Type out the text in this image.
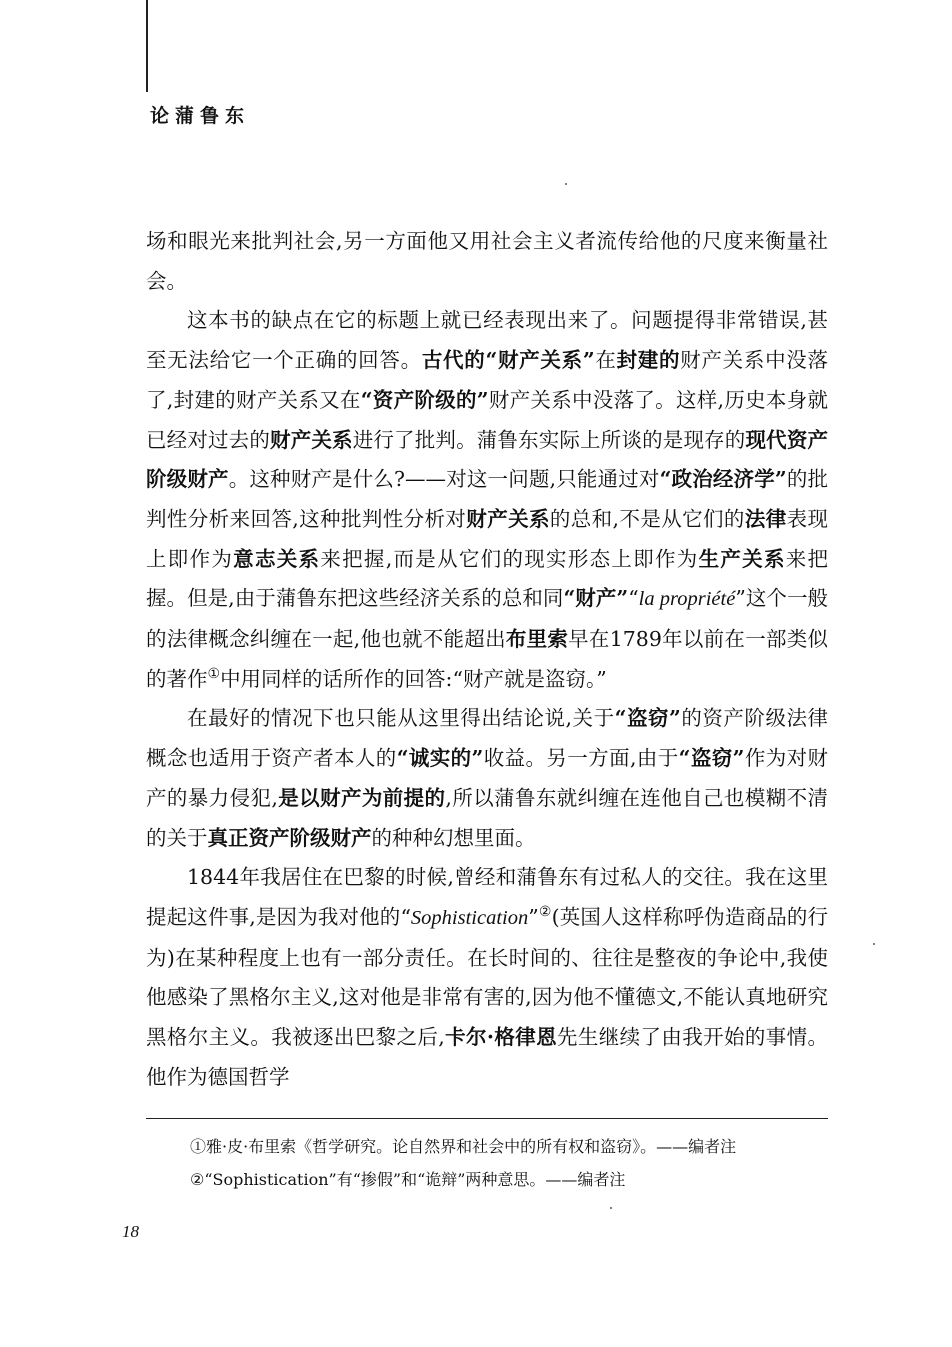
论蒲鲁东

场和眼光来批判社会,另一方面他又用社会主义者流传给他的尺度来衡量社会。

这本书的缺点在它的标题上就已经表现出来了。问题提得非常错误,甚至无法给它一个正确的回答。古代的“财产关系”在封建的财产关系中没落了,封建的财产关系又在“资产阶级的”财产关系中没落了。这样,历史本身就已经对过去的财产关系进行了批判。蒲鲁东实际上所谈的是现存的现代资产阶级财产。这种财产是什么?——对这一问题,只能通过对“政治经济学”的批判性分析来回答,这种批判性分析对财产关系的总和,不是从它们的法律表现上即作为意志关系来把握,而是从它们的现实形态上即作为生产关系来把握。但是,由于蒲鲁东把这些经济关系的总和同“财产”“la propriété”这个一般的法律概念纠缠在一起,他也就不能超出布里索早在1789年以前在一部类似的著作①中用同样的话所作的回答:“财产就是盗窃。”

在最好的情况下也只能从这里得出结论说,关于“盗窃”的资产阶级法律概念也适用于资产者本人的“诚实的”收益。另一方面,由于“盗窃”作为对财产的暴力侵犯,是以财产为前提的,所以蒲鲁东就纠缠在连他自己也模糊不清的关于真正资产阶级财产的种种幻想里面。

1844年我居住在巴黎的时候,曾经和蒲鲁东有过私人的交往。我在这里提起这件事,是因为我对他的“Sophistication”②(英国人这样称呼伪造商品的行为)在某种程度上也有一部分责任。在长时间的、往往是整夜的争论中,我使他感染了黑格尔主义,这对他是非常有害的,因为他不懂德文,不能认真地研究黑格尔主义。我被逐出巴黎之后,卡尔·格律恩先生继续了由我开始的事情。他作为德国哲学

①雅·皮·布里索《哲学研究。论自然界和社会中的所有权和盗窃》。——编者注
②“Sophistication”有“掺假”和“诡辩”两种意思。——编者注
18
